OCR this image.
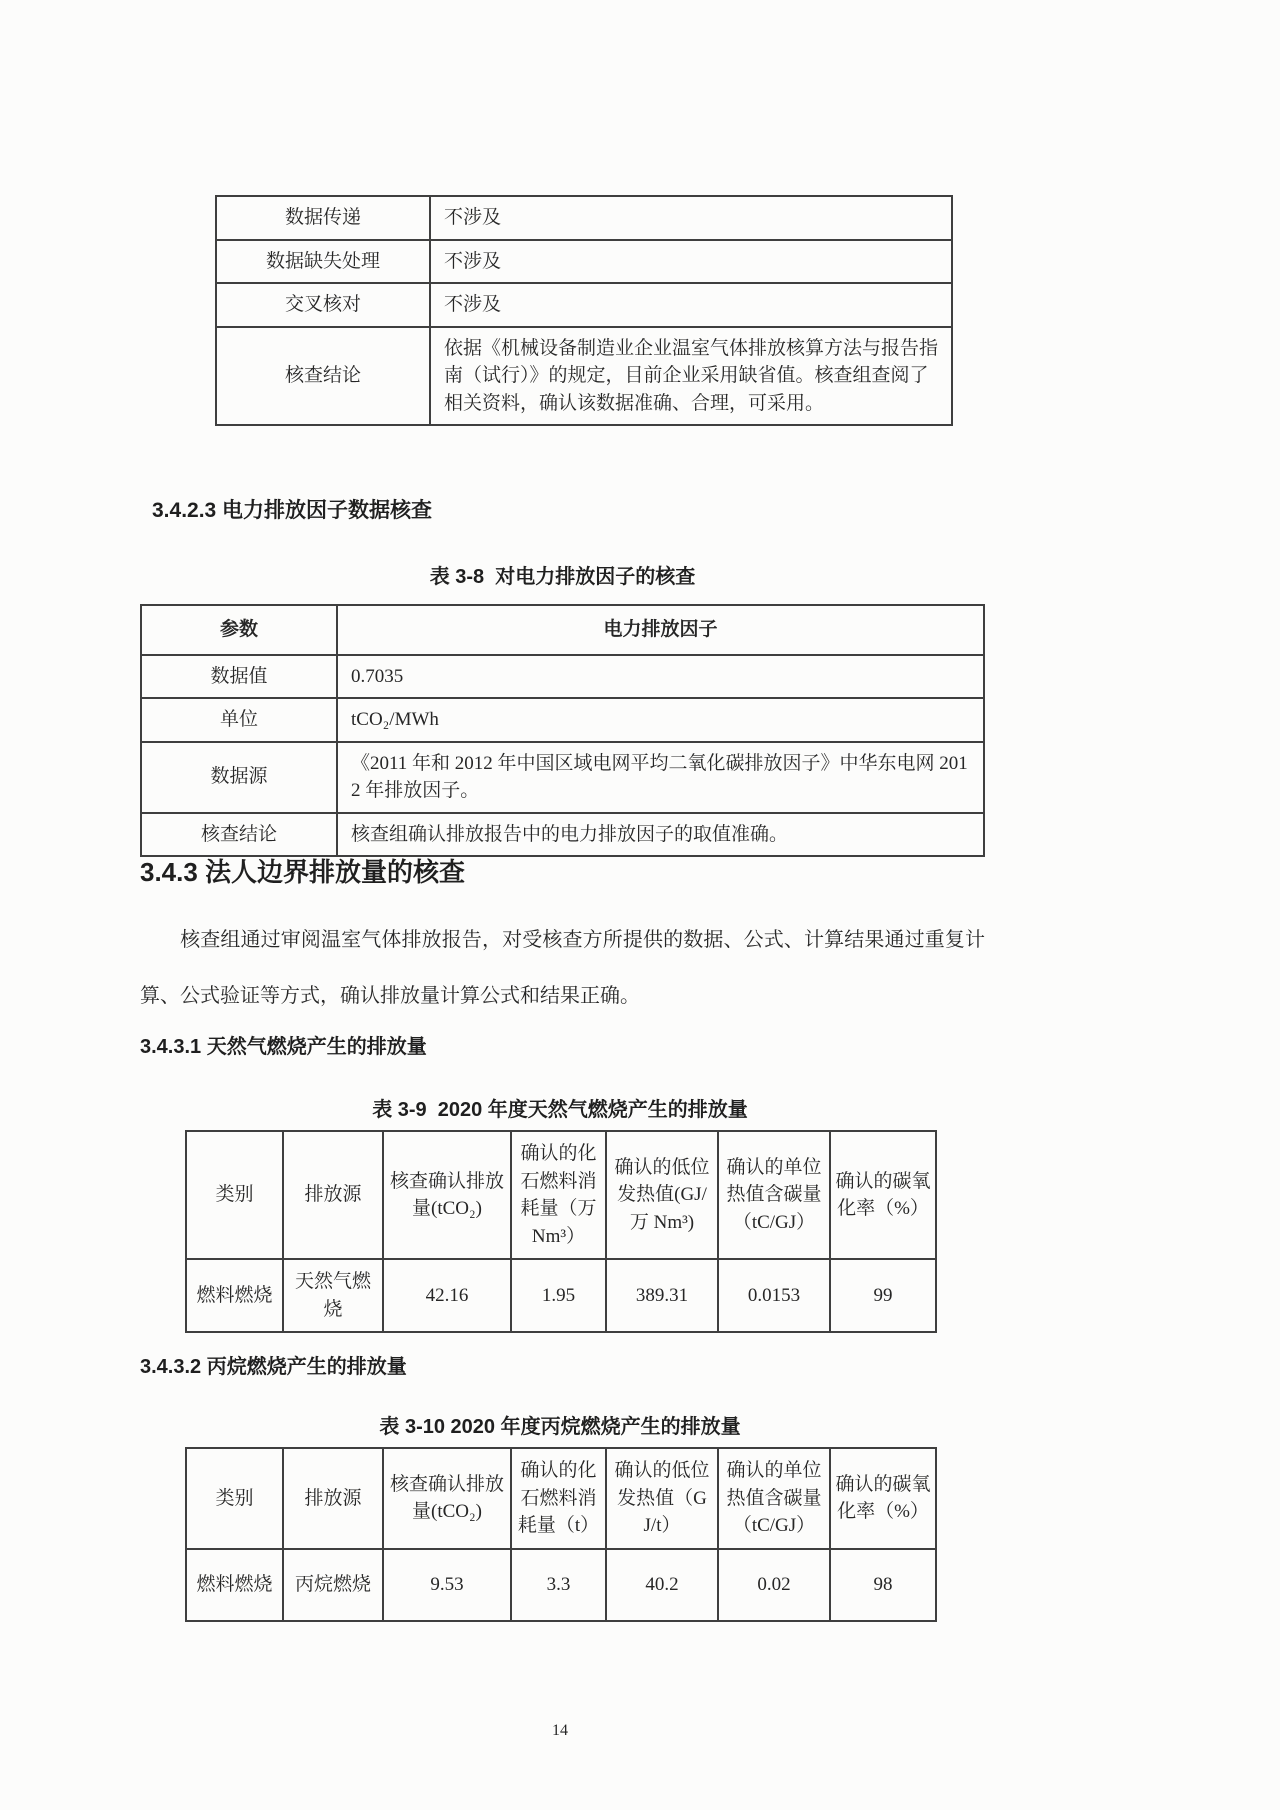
数据传递	不涉及
数据缺失处理	不涉及
交叉核对	不涉及
核查结论	依据《机械设备制造业企业温室气体排放核算方法与报告指南（试行）》的规定，目前企业采用缺省值。核查组查阅了相关资料，确认该数据准确、合理，可采用。
3.4.2.3 电力排放因子数据核查
表 3-8  对电力排放因子的核查
参数	电力排放因子
数据值	0.7035
单位	tCO₂/MWh
数据源	《2011 年和 2012 年中国区域电网平均二氧化碳排放因子》中华东电网 2012 年排放因子。
核查结论	核查组确认排放报告中的电力排放因子的取值准确。
3.4.3 法人边界排放量的核查
核查组通过审阅温室气体排放报告，对受核查方所提供的数据、公式、计算结果通过重复计算、公式验证等方式，确认排放量计算公式和结果正确。
3.4.3.1 天然气燃烧产生的排放量
表 3-9  2020 年度天然气燃烧产生的排放量
类别	排放源	核查确认排放量(tCO₂)	确认的化石燃料消耗量（万 Nm³）	确认的低位发热值(GJ/万 Nm³)	确认的单位热值含碳量（tC/GJ）	确认的碳氧化率（%）
燃料燃烧	天然气燃烧	42.16	1.95	389.31	0.0153	99
3.4.3.2 丙烷燃烧产生的排放量
表 3-10 2020 年度丙烷燃烧产生的排放量
类别	排放源	核查确认排放量(tCO₂)	确认的化石燃料消耗量（t）	确认的低位发热值（GJ/t）	确认的单位热值含碳量（tC/GJ）	确认的碳氧化率（%）
燃料燃烧	丙烷燃烧	9.53	3.3	40.2	0.02	98
14
